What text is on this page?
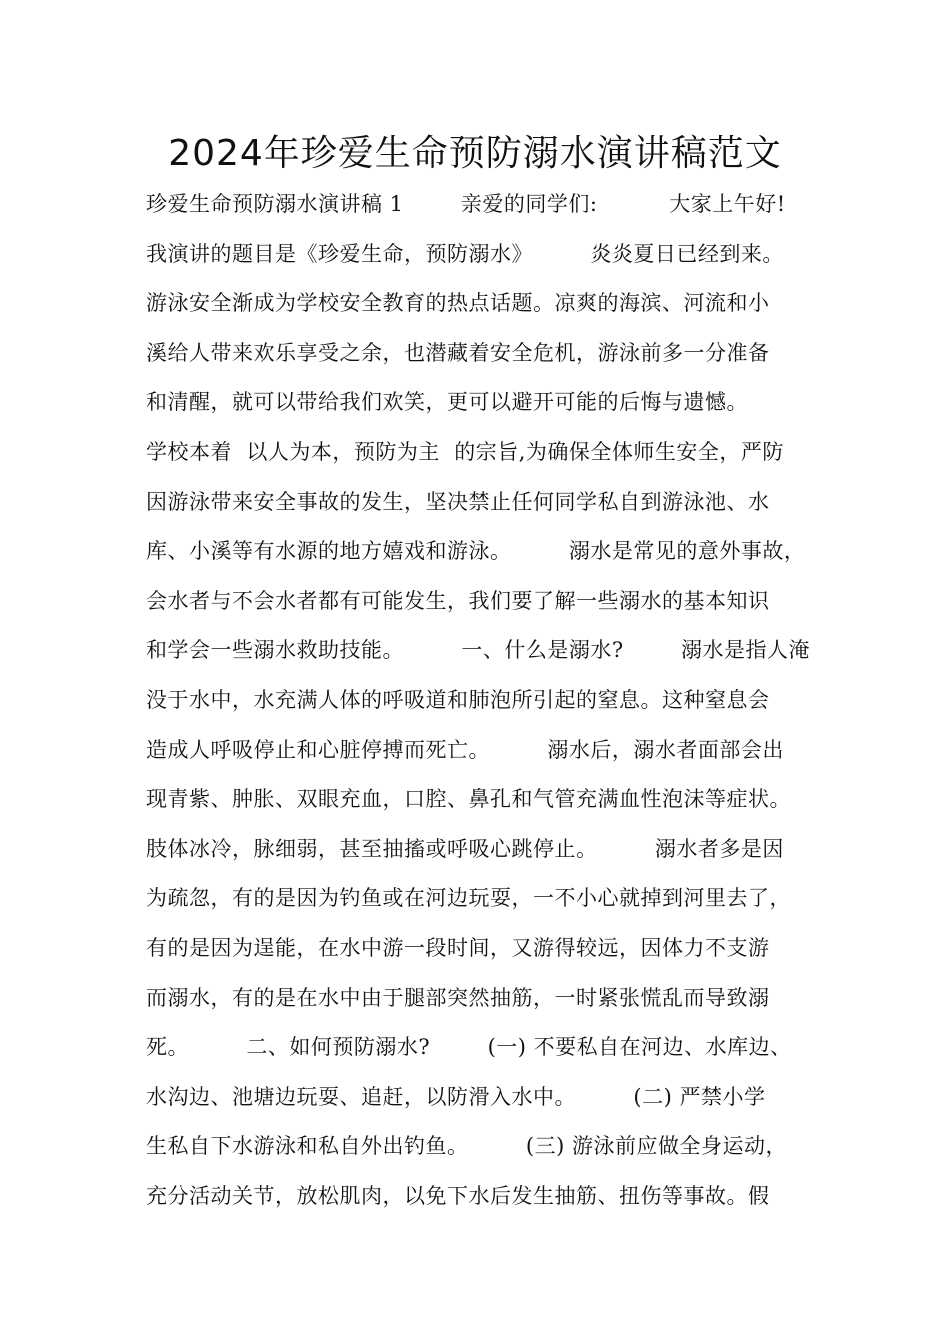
2024年珍爱生命预防溺水演讲稿范文
珍爱生命预防溺水演讲稿 1        亲爱的同学们:          大家上午好!
我演讲的题目是《珍爱生命，预防溺水》        炎炎夏日已经到来。
游泳安全渐成为学校安全教育的热点话题。凉爽的海滨、河流和小
溪给人带来欢乐享受之余，也潜藏着安全危机，游泳前多一分准备
和清醒，就可以带给我们欢笑，更可以避开可能的后悔与遗憾。
学校本着  以人为本，预防为主  的宗旨,为确保全体师生安全，严防
因游泳带来安全事故的发生，坚决禁止任何同学私自到游泳池、水
库、小溪等有水源的地方嬉戏和游泳。        溺水是常见的意外事故，
会水者与不会水者都有可能发生，我们要了解一些溺水的基本知识
和学会一些溺水救助技能。        一、什么是溺水?        溺水是指人淹
没于水中，水充满人体的呼吸道和肺泡所引起的窒息。这种窒息会
造成人呼吸停止和心脏停搏而死亡。        溺水后，溺水者面部会出
现青紫、肿胀、双眼充血，口腔、鼻孔和气管充满血性泡沫等症状。
肢体冰冷，脉细弱，甚至抽搐或呼吸心跳停止。        溺水者多是因
为疏忽，有的是因为钓鱼或在河边玩耍，一不小心就掉到河里去了，
有的是因为逞能，在水中游一段时间，又游得较远，因体力不支游
而溺水，有的是在水中由于腿部突然抽筋，一时紧张慌乱而导致溺
死。        二、如何预防溺水?        (一) 不要私自在河边、水库边、
水沟边、池塘边玩耍、追赶，以防滑入水中。        (二) 严禁小学
生私自下水游泳和私自外出钓鱼。        (三) 游泳前应做全身运动，
充分活动关节，放松肌肉，以免下水后发生抽筋、扭伤等事故。假
